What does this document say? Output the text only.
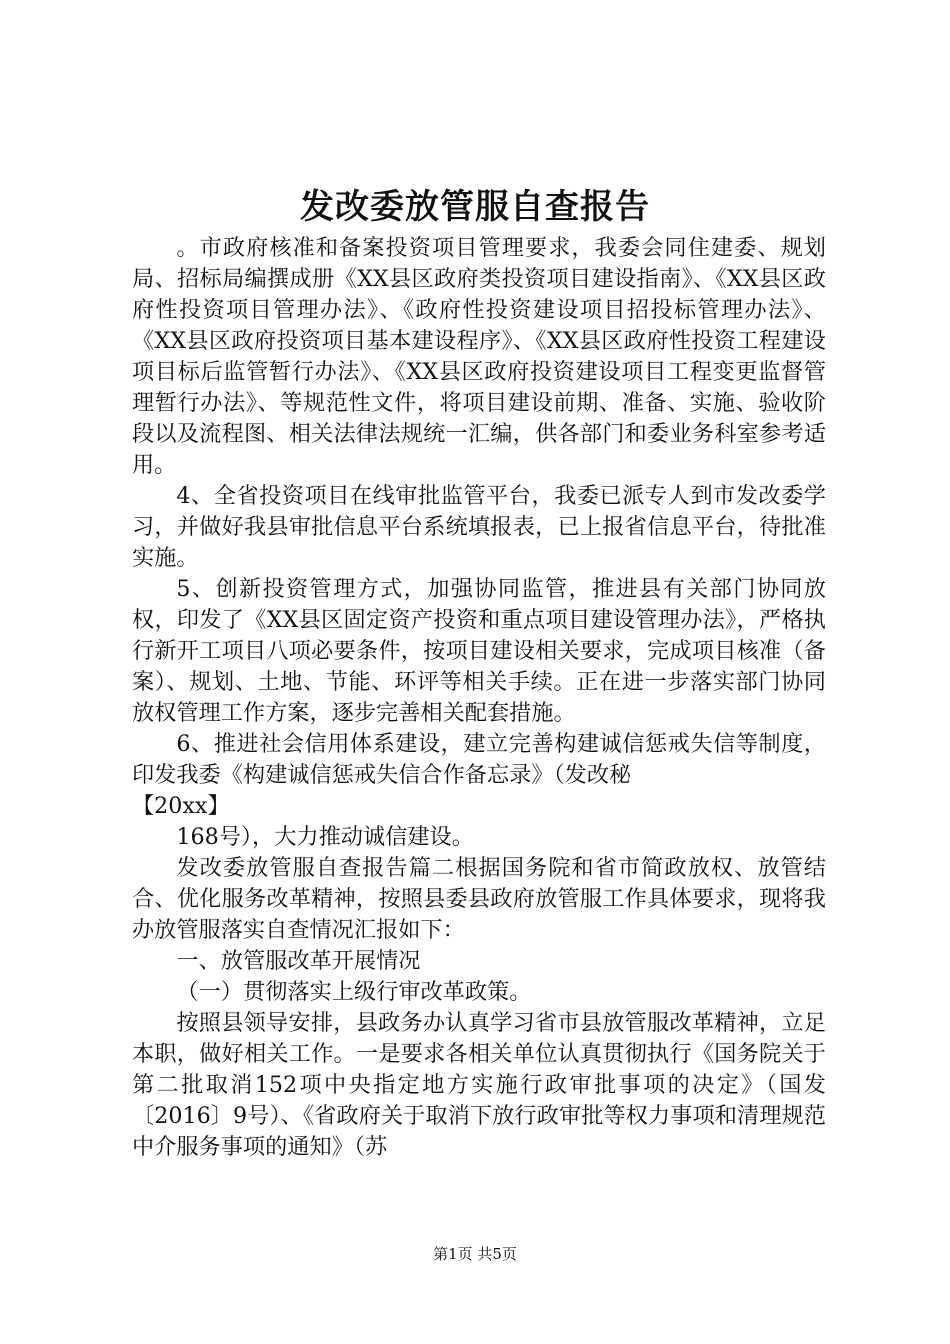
发改委放管服自查报告

。市政府核准和备案投资项目管理要求，我委会同住建委、规划局、招标局编撰成册《XX县区政府类投资项目建设指南》、《XX县区政府性投资项目管理办法》、《政府性投资建设项目招投标管理办法》、《XX县区政府投资项目基本建设程序》、《XX县区政府性投资工程建设项目标后监管暂行办法》、《XX县区政府投资建设项目工程变更监督管理暂行办法》、等规范性文件，将项目建设前期、准备、实施、验收阶段以及流程图、相关法律法规统一汇编，供各部门和委业务科室参考适用。

4、全省投资项目在线审批监管平台，我委已派专人到市发改委学习，并做好我县审批信息平台系统填报表，已上报省信息平台，待批准实施。

5、创新投资管理方式，加强协同监管，推进县有关部门协同放权，印发了《XX县区固定资产投资和重点项目建设管理办法》，严格执行新开工项目八项必要条件，按项目建设相关要求，完成项目核准（备案）、规划、土地、节能、环评等相关手续。正在进一步落实部门协同放权管理工作方案，逐步完善相关配套措施。

6、推进社会信用体系建设，建立完善构建诚信惩戒失信等制度，印发我委《构建诚信惩戒失信合作备忘录》（发改秘

【20xx】

168号），大力推动诚信建设。

发改委放管服自查报告篇二根据国务院和省市简政放权、放管结合、优化服务改革精神，按照县委县政府放管服工作具体要求，现将我办放管服落实自查情况汇报如下：

一、放管服改革开展情况

（一）贯彻落实上级行审改革政策。

按照县领导安排，县政务办认真学习省市县放管服改革精神，立足本职，做好相关工作。一是要求各相关单位认真贯彻执行《国务院关于第二批取消152项中央指定地方实施行政审批事项的决定》（国发〔2016〕9号）、《省政府关于取消下放行政审批等权力事项和清理规范中介服务事项的通知》（苏

第1页 共5页
